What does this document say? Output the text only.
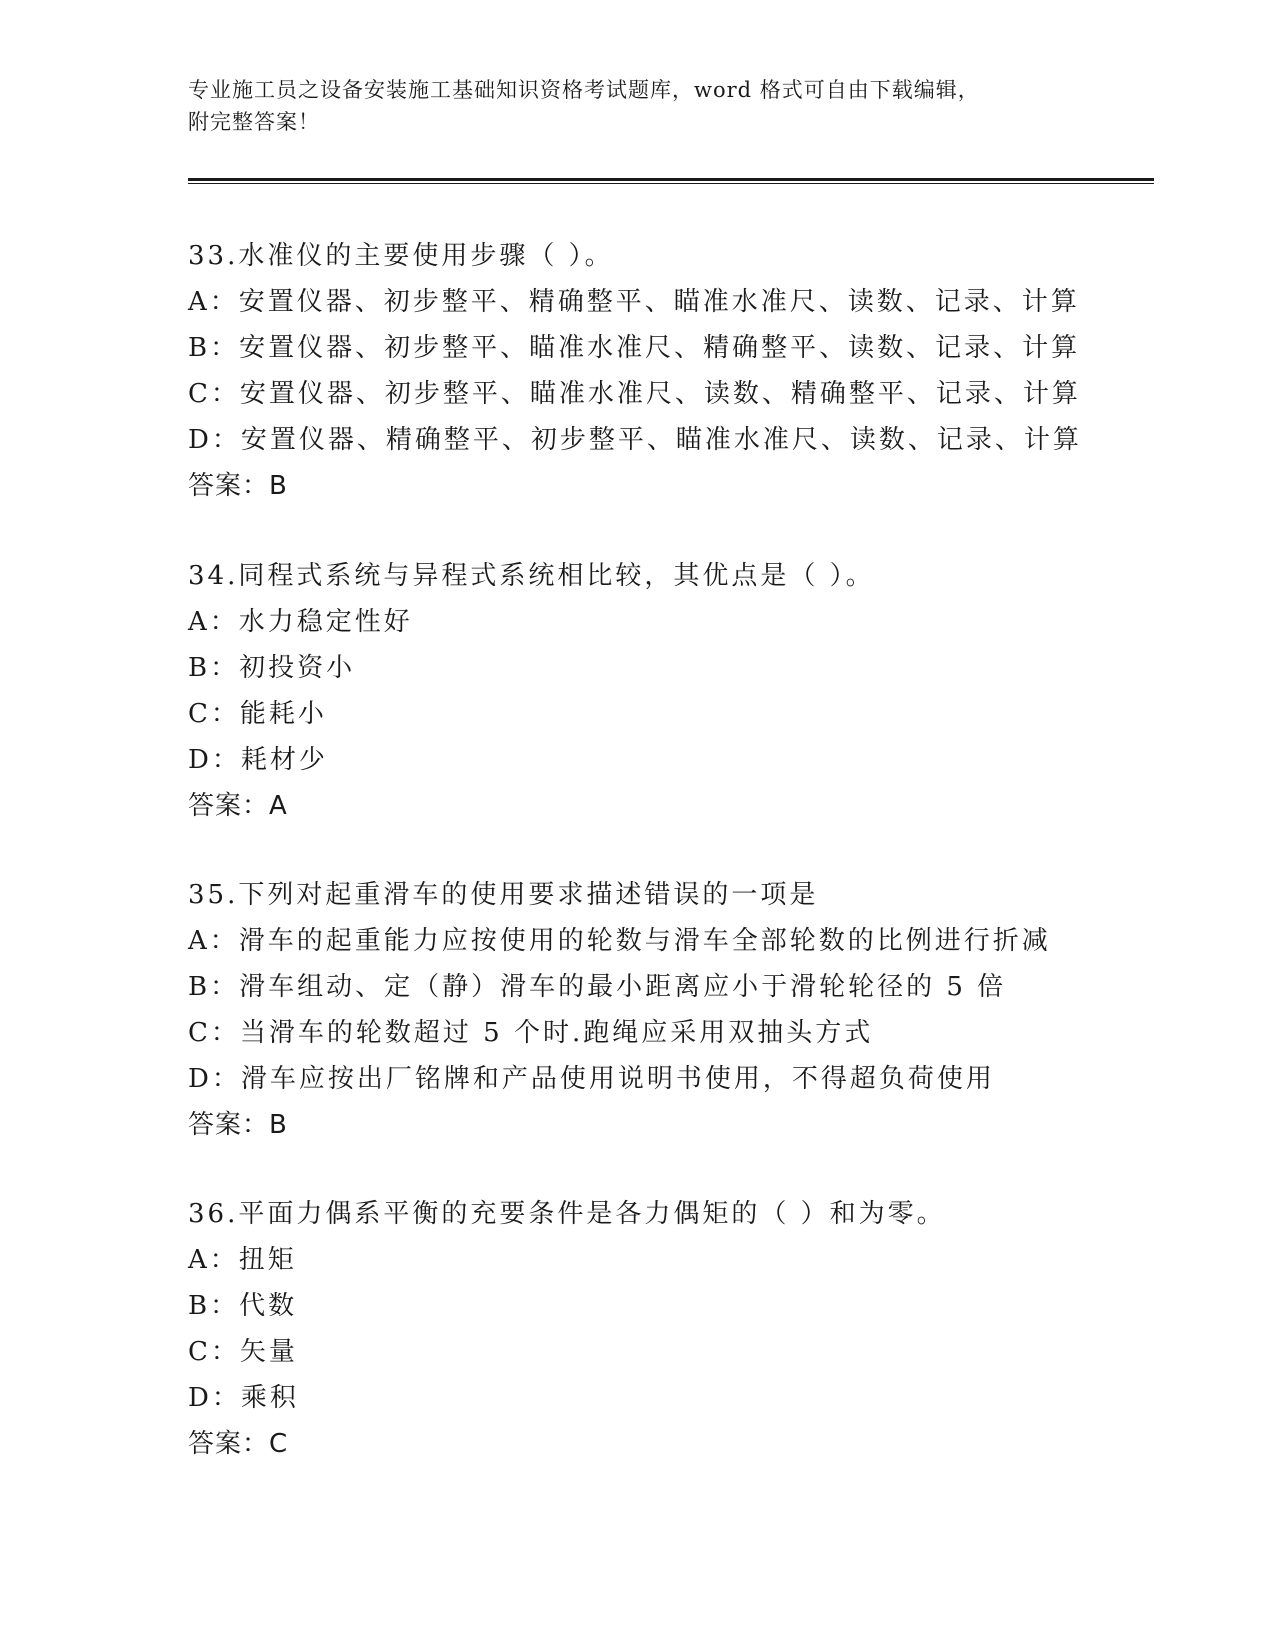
专业施工员之设备安装施工基础知识资格考试题库，word 格式可自由下载编辑，
附完整答案！
33.水准仪的主要使用步骤（ ）。
A：安置仪器、初步整平、精确整平、瞄准水准尺、读数、记录、计算
B：安置仪器、初步整平、瞄准水准尺、精确整平、读数、记录、计算
C：安置仪器、初步整平、瞄准水准尺、读数、精确整平、记录、计算
D：安置仪器、精确整平、初步整平、瞄准水准尺、读数、记录、计算
答案：B
34.同程式系统与异程式系统相比较，其优点是（ ）。
A：水力稳定性好
B：初投资小
C：能耗小
D：耗材少
答案：A
35.下列对起重滑车的使用要求描述错误的一项是
A：滑车的起重能力应按使用的轮数与滑车全部轮数的比例进行折减
B：滑车组动、定（静）滑车的最小距离应小于滑轮轮径的 5 倍
C：当滑车的轮数超过 5 个时.跑绳应采用双抽头方式
D：滑车应按出厂铭牌和产品使用说明书使用，不得超负荷使用
答案：B
36.平面力偶系平衡的充要条件是各力偶矩的（ ）和为零。
A：扭矩
B：代数
C：矢量
D：乘积
答案：C
